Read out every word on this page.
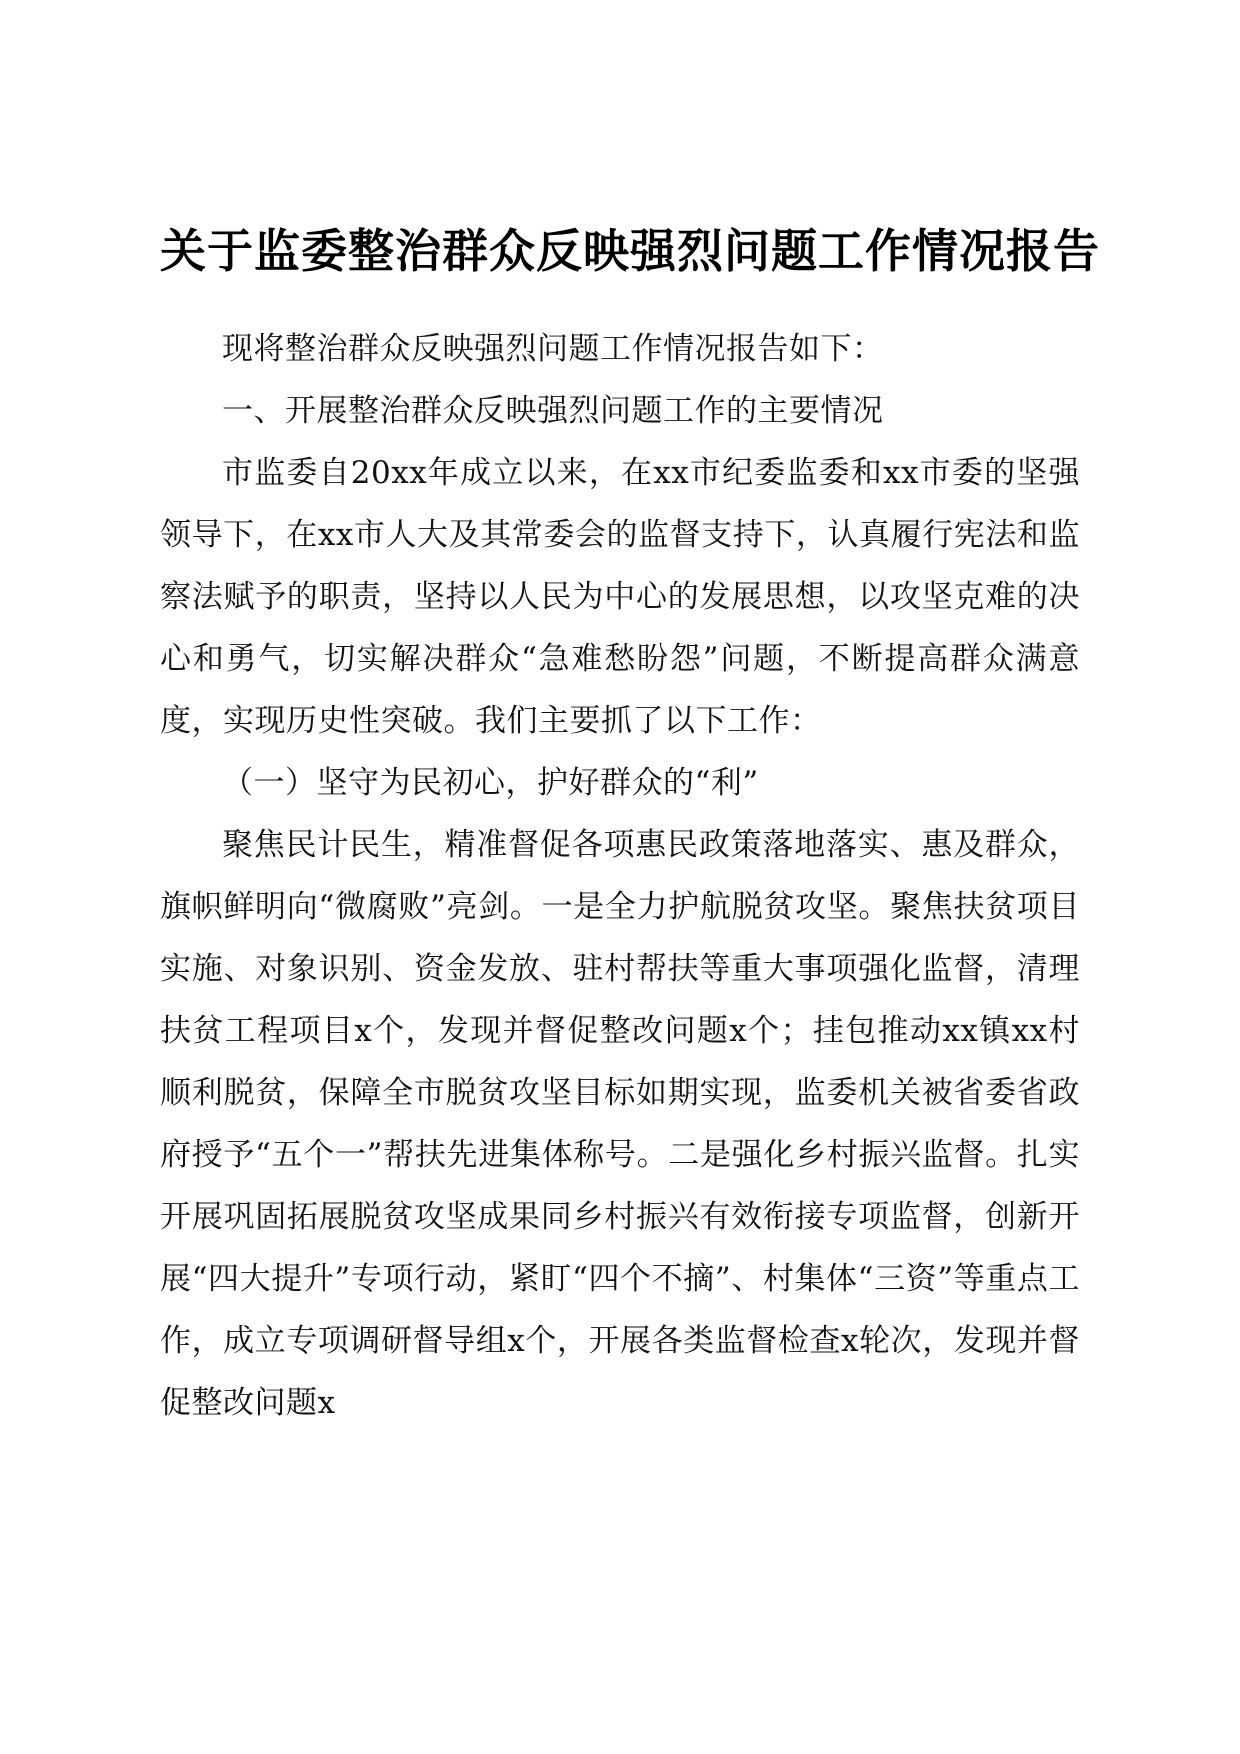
关于监委整治群众反映强烈问题工作情况报告

现将整治群众反映强烈问题工作情况报告如下：

一、开展整治群众反映强烈问题工作的主要情况

市监委自20xx年成立以来，在xx市纪委监委和xx市委的坚强领导下，在xx市人大及其常委会的监督支持下，认真履行宪法和监察法赋予的职责，坚持以人民为中心的发展思想，以攻坚克难的决心和勇气，切实解决群众“急难愁盼怨”问题，不断提高群众满意度，实现历史性突破。我们主要抓了以下工作：

（一）坚守为民初心，护好群众的“利”

聚焦民计民生，精准督促各项惠民政策落地落实、惠及群众，旗帜鲜明向“微腐败”亮剑。一是全力护航脱贫攻坚。聚焦扶贫项目实施、对象识别、资金发放、驻村帮扶等重大事项强化监督，清理扶贫工程项目x个，发现并督促整改问题x个；挂包推动xx镇xx村顺利脱贫，保障全市脱贫攻坚目标如期实现，监委机关被省委省政府授予“五个一”帮扶先进集体称号。二是强化乡村振兴监督。扎实开展巩固拓展脱贫攻坚成果同乡村振兴有效衔接专项监督，创新开展“四大提升”专项行动，紧盯“四个不摘”、村集体“三资”等重点工作，成立专项调研督导组x个，开展各类监督检查x轮次，发现并督促整改问题x
